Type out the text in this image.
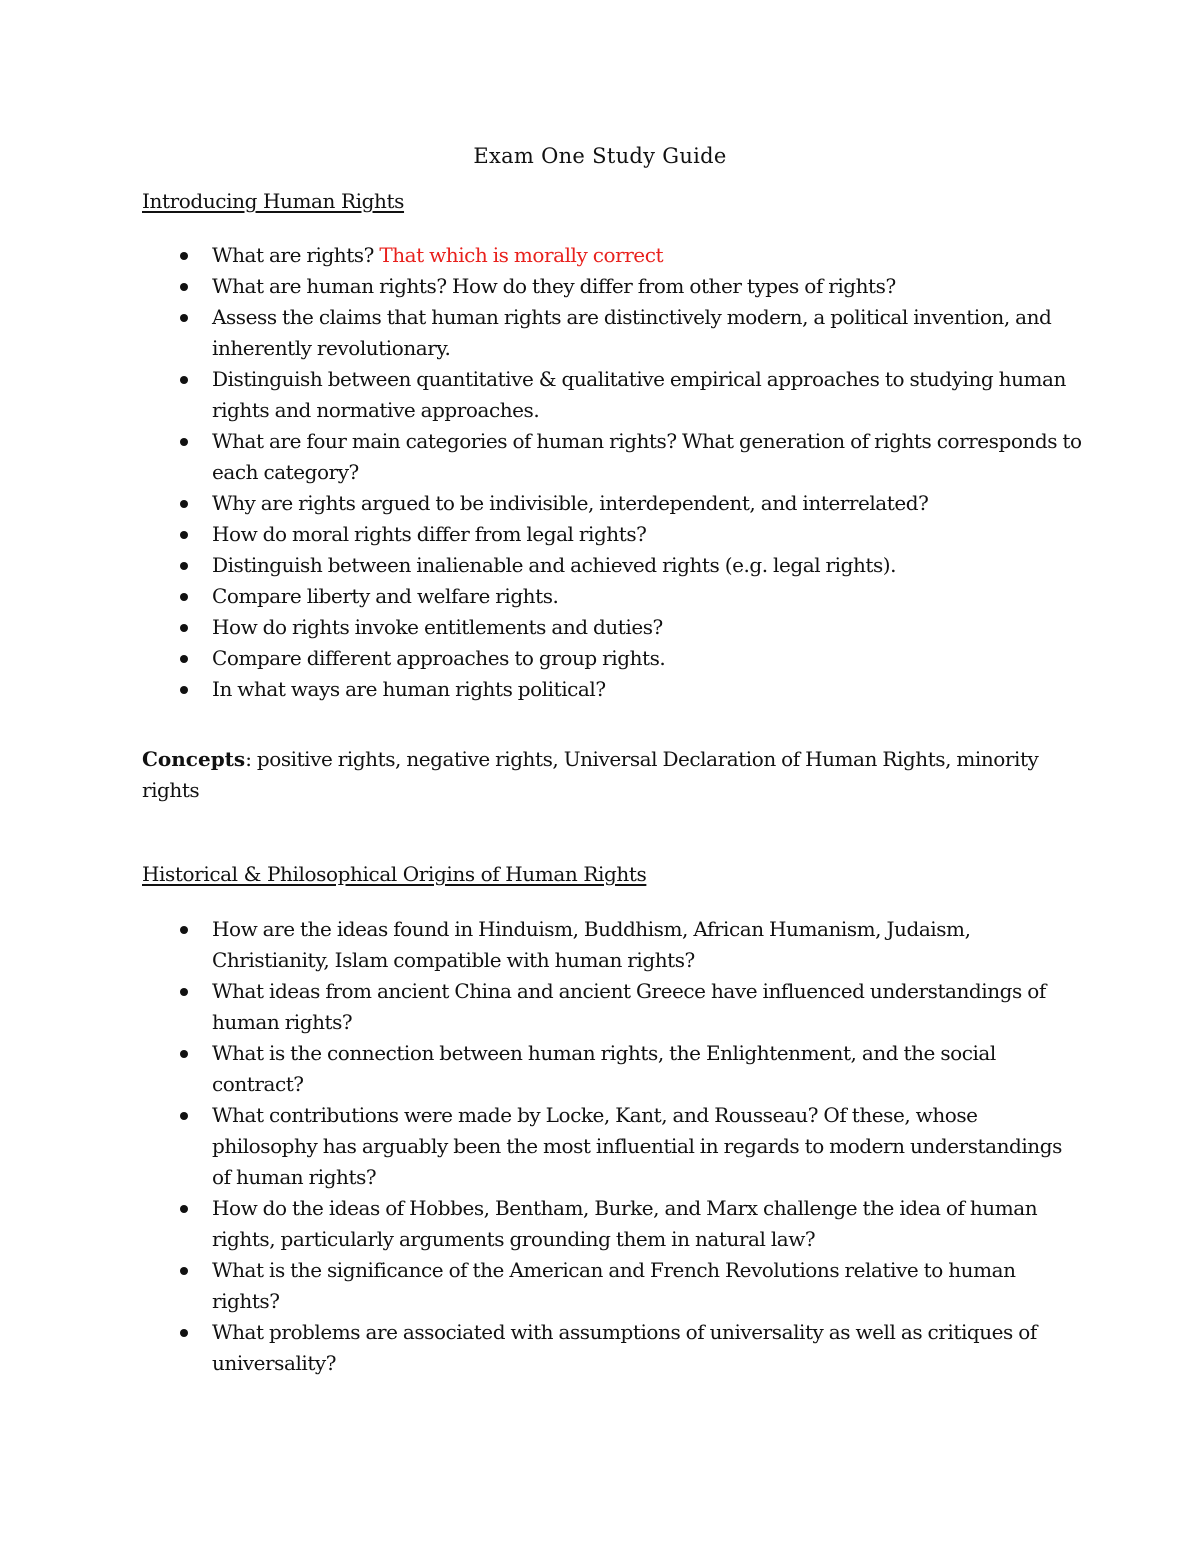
Exam One Study Guide
Introducing Human Rights
What are rights? That which is morally correct
What are human rights? How do they differ from other types of rights?
Assess the claims that human rights are distinctively modern, a political invention, and inherently revolutionary.
Distinguish between quantitative & qualitative empirical approaches to studying human rights and normative approaches.
What are four main categories of human rights? What generation of rights corresponds to each category?
Why are rights argued to be indivisible, interdependent, and interrelated?
How do moral rights differ from legal rights?
Distinguish between inalienable and achieved rights (e.g. legal rights).
Compare liberty and welfare rights.
How do rights invoke entitlements and duties?
Compare different approaches to group rights.
In what ways are human rights political?
Concepts: positive rights, negative rights, Universal Declaration of Human Rights, minority rights
Historical & Philosophical Origins of Human Rights
How are the ideas found in Hinduism, Buddhism, African Humanism, Judaism, Christianity, Islam compatible with human rights?
What ideas from ancient China and ancient Greece have influenced understandings of human rights?
What is the connection between human rights, the Enlightenment, and the social contract?
What contributions were made by Locke, Kant, and Rousseau? Of these, whose philosophy has arguably been the most influential in regards to modern understandings of human rights?
How do the ideas of Hobbes, Bentham, Burke, and Marx challenge the idea of human rights, particularly arguments grounding them in natural law?
What is the significance of the American and French Revolutions relative to human rights?
What problems are associated with assumptions of universality as well as critiques of universality?
